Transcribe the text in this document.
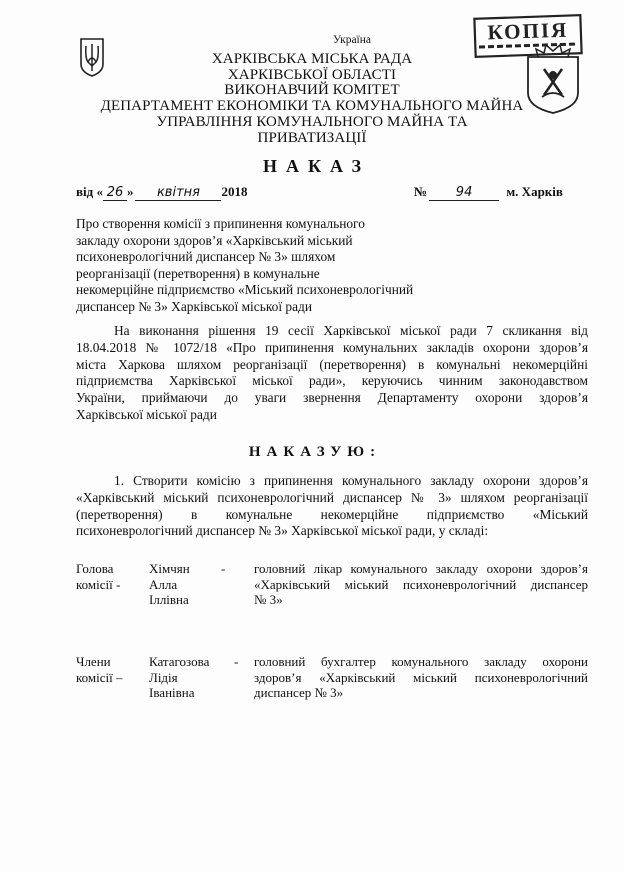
КОПІЯ
Україна
ХАРКІВСЬКА МІСЬКА РАДА
ХАРКІВСЬКОЇ ОБЛАСТІ
ВИКОНАВЧИЙ КОМІТЕТ
ДЕПАРТАМЕНТ ЕКОНОМІКИ ТА КОМУНАЛЬНОГО МАЙНА
УПРАВЛІННЯ КОМУНАЛЬНОГО МАЙНА ТА
ПРИВАТИЗАЦІЇ
НАКАЗ
від « 26 » квітня 2018	№ 94	м. Харків
Про створення комісії з припинення комунального
закладу охорони здоров’я «Харківський міський
психоневрологічний диспансер № 3» шляхом
реорганізації (перетворення) в комунальне
некомерційне підприємство «Міський психоневрологічний
диспансер № 3» Харківської міської ради
На виконання рішення 19 сесії Харківської міської ради 7 скликання від
18.04.2018 № 1072/18 «Про припинення комунальних закладів охорони здоров’я
міста Харкова шляхом реорганізації (перетворення) в комунальні некомерційні
підприємства Харківської міської ради», керуючись чинним законодавством
України, приймаючи до уваги звернення Департаменту охорони здоров’я
Харківської міської ради
НАКАЗУЮ:
1. Створити комісію з припинення комунального закладу охорони здоров’я
«Харківський міський психоневрологічний диспансер № 3» шляхом реорганізації
(перетворення) в комунальне некомерційне підприємство «Міський
психоневрологічний диспансер № 3» Харківської міської ради, у складі:
Голова
комісії -
Хімчян
Алла
Іллівна
- головний лікар комунального закладу охорони здоров’я
«Харківський міський психоневрологічний диспансер
№ 3»
Члени
комісії –
Катагозова
Лідія
Іванівна
- головний бухгалтер комунального закладу охорони
здоров’я «Харківський міський психоневрологічний
диспансер № 3»
